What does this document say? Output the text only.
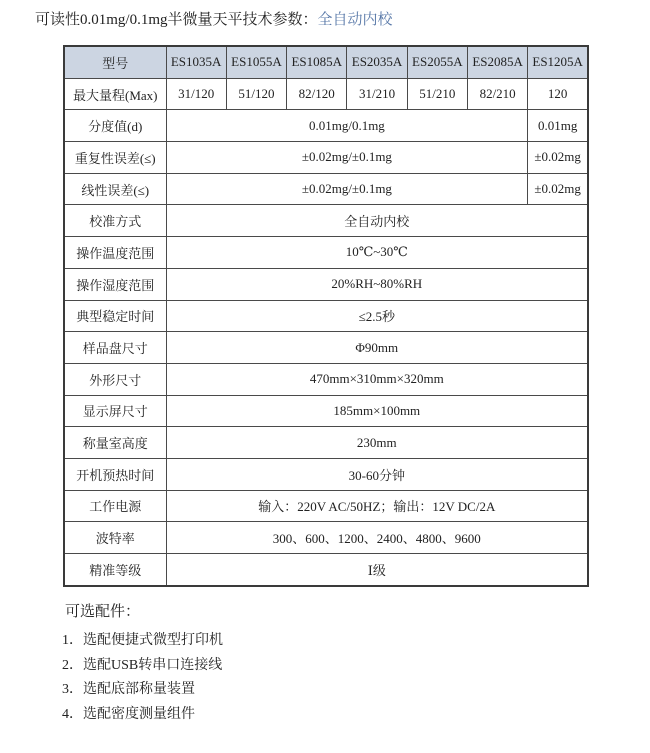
可读性0.01mg/0.1mg半微量天平技术参数：全自动内校
型号	ES1035A	ES1055A	ES1085A	ES2035A	ES2055A	ES2085A	ES1205A
最大量程(Max)	31/120	51/120	82/120	31/210	51/210	82/210	120
分度值(d)	0.01mg/0.1mg						0.01mg
重复性误差(≤)	±0.02mg/±0.1mg						±0.02mg
线性误差(≤)	±0.02mg/±0.1mg						±0.02mg
校准方式	全自动内校						
操作温度范围	10℃~30℃						
操作湿度范围	20%RH~80%RH						
典型稳定时间	≤2.5秒						
样品盘尺寸	Φ90mm						
外形尺寸	470mm×310mm×320mm						
显示屏尺寸	185mm×100mm						
称量室高度	230mm						
开机预热时间	30-60分钟						
工作电源	输入：220V AC/50HZ；输出：12V DC/2A						
波特率	300、600、1200、2400、4800、9600						
精准等级	Ⅰ级						
可选配件：
1．选配便捷式微型打印机
2．选配USB转串口连接线
3．选配底部称量装置
4．选配密度测量组件
